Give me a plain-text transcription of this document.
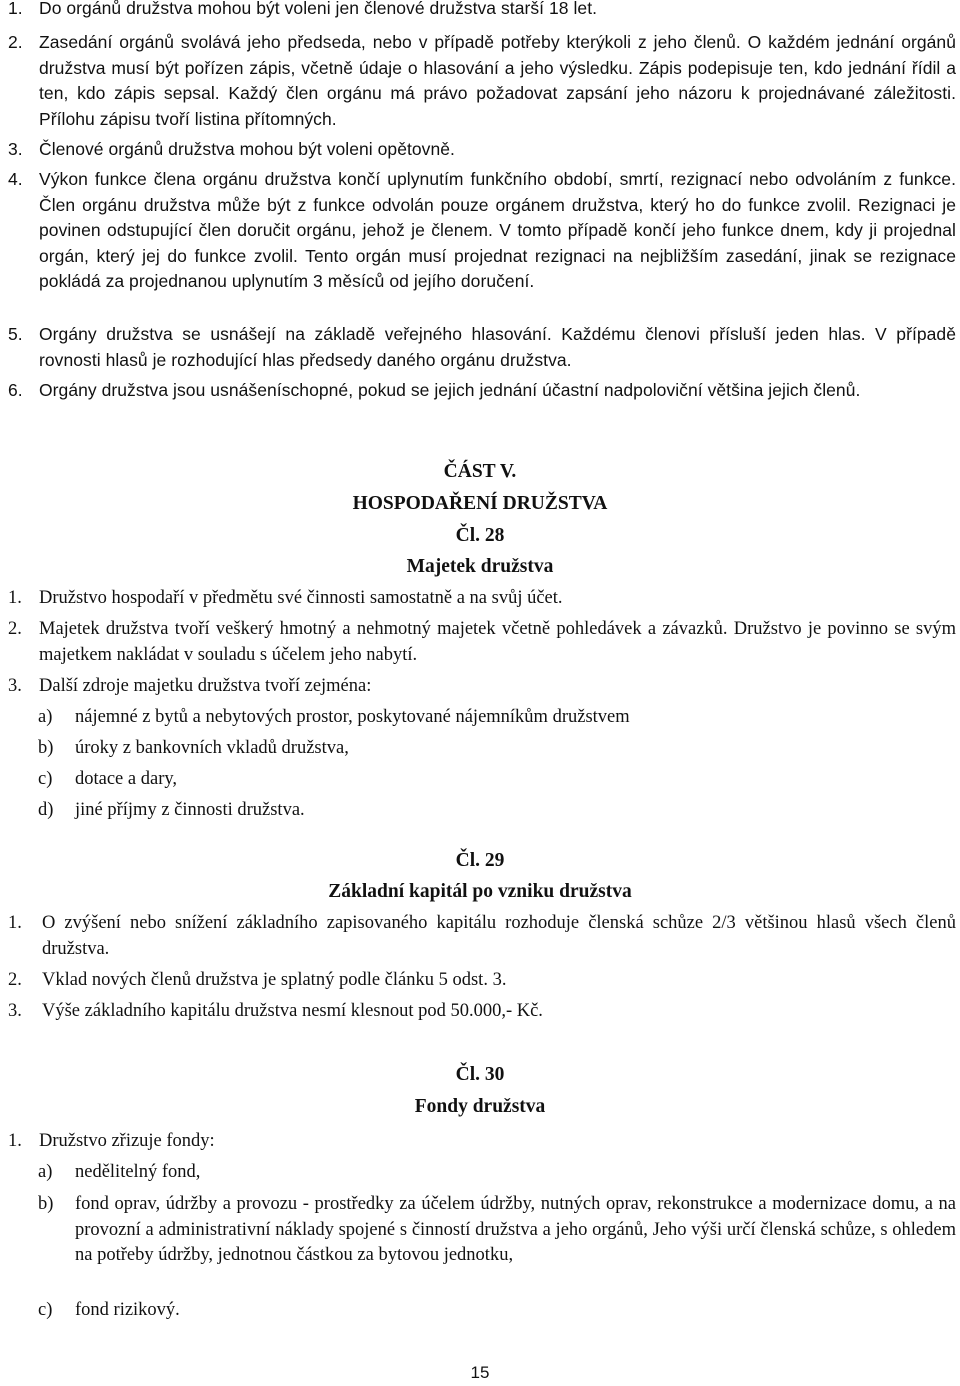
1. Do orgánů družstva mohou být voleni jen členové družstva starší 18 let.
2. Zasedání orgánů svolává jeho předseda, nebo v případě potřeby kterýkoli z jeho členů. O každém jednání orgánů družstva musí být pořízen zápis, včetně údaje o hlasování a jeho výsledku. Zápis podepisuje ten, kdo jednání řídil a ten, kdo zápis sepsal. Každý člen orgánu má právo požadovat zapsání jeho názoru k projednávané záležitosti. Přílohu zápisu tvoří listina přítomných.
3. Členové orgánů družstva mohou být voleni opětovně.
4. Výkon funkce člena orgánu družstva končí uplynutím funkčního období, smrtí, rezignací nebo odvoláním z funkce. Člen orgánu družstva může být z funkce odvolán pouze orgánem družstva, který ho do funkce zvolil. Rezignaci je povinen odstupující člen doručit orgánu, jehož je členem. V tomto případě končí jeho funkce dnem, kdy ji projednal orgán, který jej do funkce zvolil. Tento orgán musí projednat rezignaci na nejbližším zasedání, jinak se rezignace pokládá za projednanou uplynutím 3 měsíců od jejího doručení.
5. Orgány družstva se usnášejí na základě veřejného hlasování. Každému členovi přísluší jeden hlas. V případě rovnosti hlasů je rozhodující hlas předsedy daného orgánu družstva.
6. Orgány družstva jsou usnášeníschopné, pokud se jejich jednání účastní nadpoloviční většina jejich členů.
ČÁST V.
HOSPODAŘENÍ DRUŽSTVA
Čl. 28
Majetek družstva
1. Družstvo hospodaří v předmětu své činnosti samostatně a na svůj účet.
2. Majetek družstva tvoří veškerý hmotný a nehmotný majetek včetně pohledávek a závazků. Družstvo je povinno se svým majetkem nakládat v souladu s účelem jeho nabytí.
3. Další zdroje majetku družstva tvoří zejména:
a) nájemné z bytů a nebytových prostor, poskytované nájemníkům družstvem
b) úroky z bankovních vkladů družstva,
c) dotace a dary,
d) jiné příjmy z činnosti družstva.
Čl. 29
Základní kapitál po vzniku družstva
1. O zvýšení nebo snížení základního zapisovaného kapitálu rozhoduje členská schůze 2/3 většinou hlasů všech členů družstva.
2. Vklad nových členů družstva je splatný podle článku 5 odst. 3.
3. Výše základního kapitálu družstva nesmí klesnout pod 50.000,- Kč.
Čl. 30
Fondy družstva
1. Družstvo zřizuje fondy:
a) nedělitelný fond,
b) fond oprav, údržby a provozu - prostředky za účelem údržby, nutných oprav, rekonstrukce a modernizace domu, a na provozní a administrativní náklady spojené s činností družstva a jeho orgánů, Jeho výši určí členská schůze, s ohledem na potřeby údržby, jednotnou částkou za bytovou jednotku,
c) fond rizikový.
15
